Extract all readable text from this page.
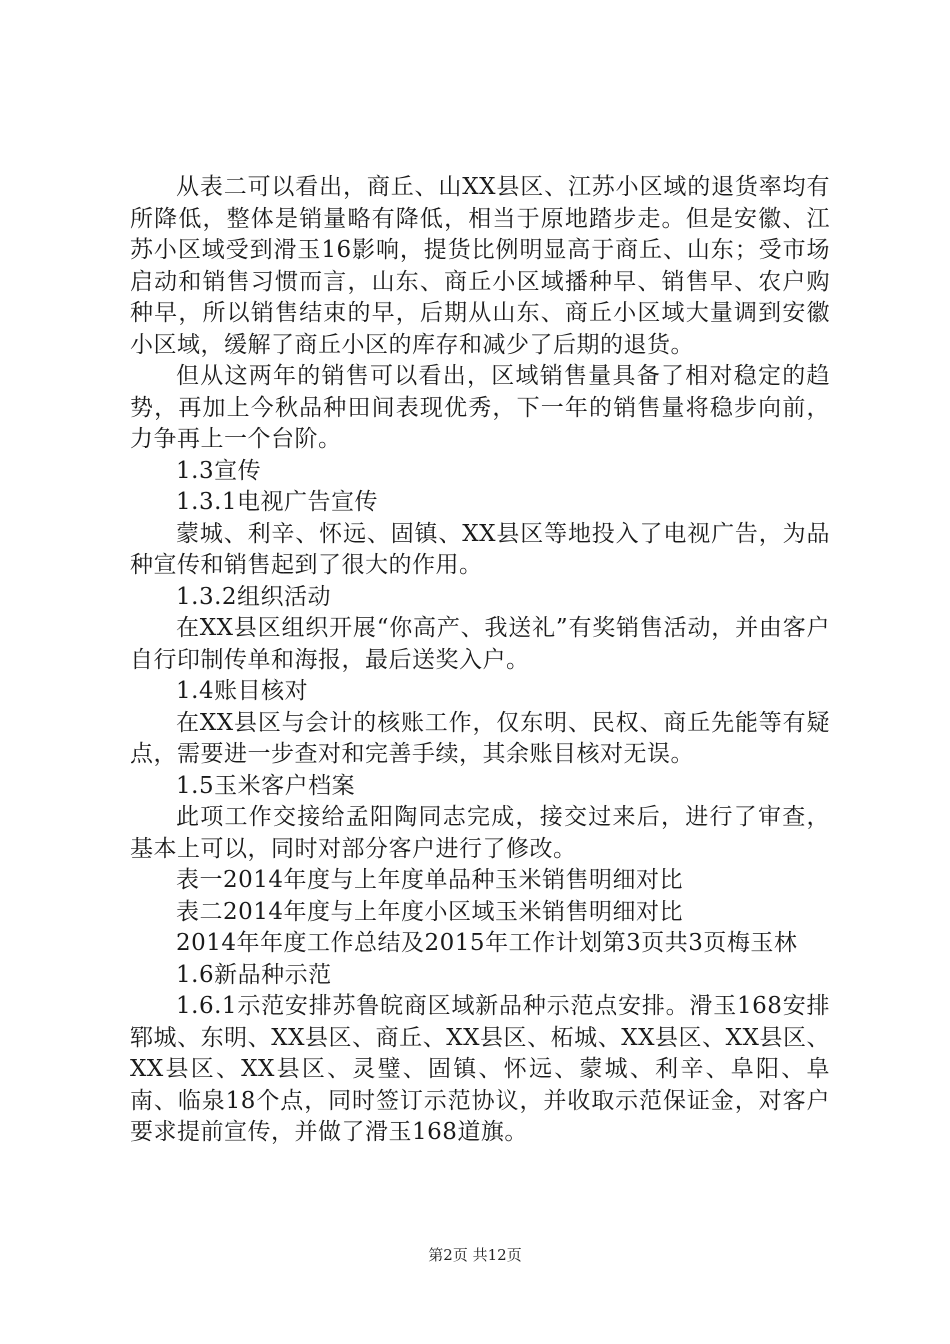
从表二可以看出，商丘、山XX县区、江苏小区域的退货率均有所降低，整体是销量略有降低，相当于原地踏步走。但是安徽、江苏小区域受到滑玉16影响，提货比例明显高于商丘、山东；受市场启动和销售习惯而言，山东、商丘小区域播种早、销售早、农户购种早，所以销售结束的早，后期从山东、商丘小区域大量调到安徽小区域，缓解了商丘小区的库存和减少了后期的退货。

但从这两年的销售可以看出，区域销售量具备了相对稳定的趋势，再加上今秋品种田间表现优秀，下一年的销售量将稳步向前，力争再上一个台阶。

1.3宣传

1.3.1电视广告宣传

蒙城、利辛、怀远、固镇、XX县区等地投入了电视广告，为品种宣传和销售起到了很大的作用。

1.3.2组织活动

在XX县区组织开展“你高产、我送礼”有奖销售活动，并由客户自行印制传单和海报，最后送奖入户。

1.4账目核对

在XX县区与会计的核账工作，仅东明、民权、商丘先能等有疑点，需要进一步查对和完善手续，其余账目核对无误。

1.5玉米客户档案

此项工作交接给孟阳陶同志完成，接交过来后，进行了审查，基本上可以，同时对部分客户进行了修改。

表一2014年度与上年度单品种玉米销售明细对比

表二2014年度与上年度小区域玉米销售明细对比

2014年年度工作总结及2015年工作计划第3页共3页梅玉林

1.6新品种示范

1.6.1示范安排苏鲁皖商区域新品种示范点安排。滑玉168安排郓城、东明、XX县区、商丘、XX县区、柘城、XX县区、XX县区、XX县区、XX县区、灵璧、固镇、怀远、蒙城、利辛、阜阳、阜南、临泉18个点，同时签订示范协议，并收取示范保证金，对客户要求提前宣传，并做了滑玉168道旗。

第2页 共12页
